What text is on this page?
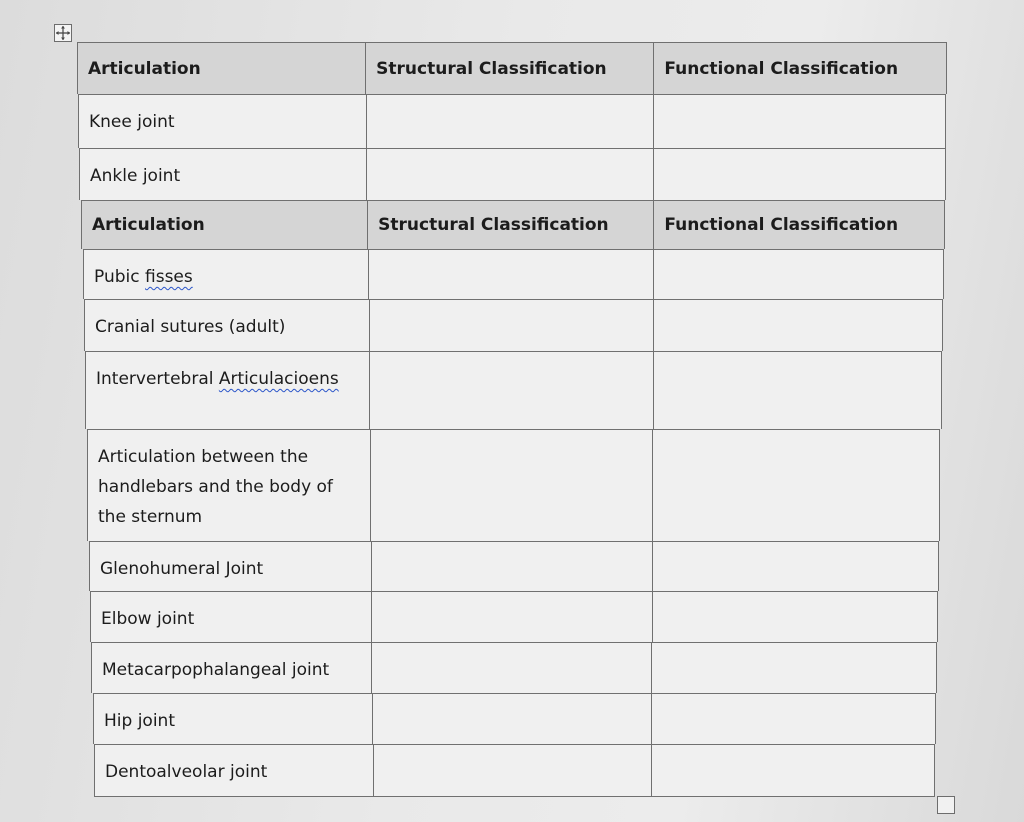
Articulation	Structural Classification	Functional Classification
Knee joint
Ankle joint
Articulation	Structural Classification	Functional Classification
Pubic fisses
Cranial sutures (adult)
Intervertebral Articulacioens
Articulation between the handlebars and the body of the sternum
Glenohumeral Joint
Elbow joint
Metacarpophalangeal joint
Hip joint
Dentoalveolar joint
